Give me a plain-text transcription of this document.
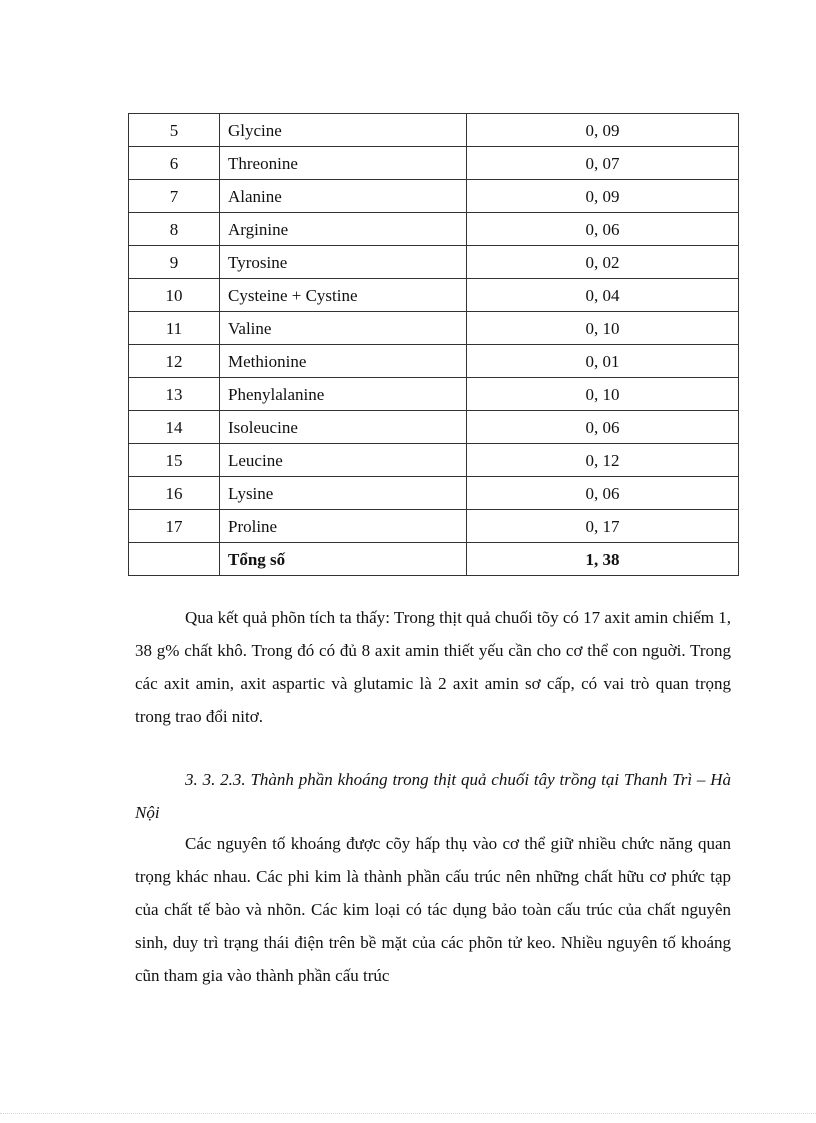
5	Glycine	0, 09
6	Threonine	0, 07
7	Alanine	0, 09
8	Arginine	0, 06
9	Tyrosine	0, 02
10	Cysteine + Cystine	0, 04
11	Valine	0, 10
12	Methionine	0, 01
13	Phenylalanine	0, 10
14	Isoleucine	0, 06
15	Leucine	0, 12
16	Lysine	0, 06
17	Proline	0, 17
	Tổng số	1, 38

Qua kết quả phõn tích ta thấy: Trong thịt quả chuối tõy có 17 axit amin chiếm 1, 38 g% chất khô. Trong đó có đủ 8 axit amin thiết yếu cần cho cơ thể con nguời. Trong các axit amin, axit aspartic và glutamic là 2 axit amin sơ cấp, có vai trò quan trọng trong trao đổi nitơ.

3. 3. 2.3. Thành phần khoáng trong thịt quả chuối tây trồng tại Thanh Trì – Hà Nội

Các nguyên tố khoáng được cõy hấp thụ vào cơ thể giữ nhiều chức năng quan trọng khác nhau. Các phi kim là thành phần cấu trúc nên những chất hữu cơ phức tạp của chất tế bào và nhõn. Các kim loại có tác dụng bảo toàn cấu trúc của chất nguyên sinh, duy trì trạng thái điện trên bề mặt của các phõn tử keo. Nhiều nguyên tố khoáng cũn tham gia vào thành phần cấu trúc
